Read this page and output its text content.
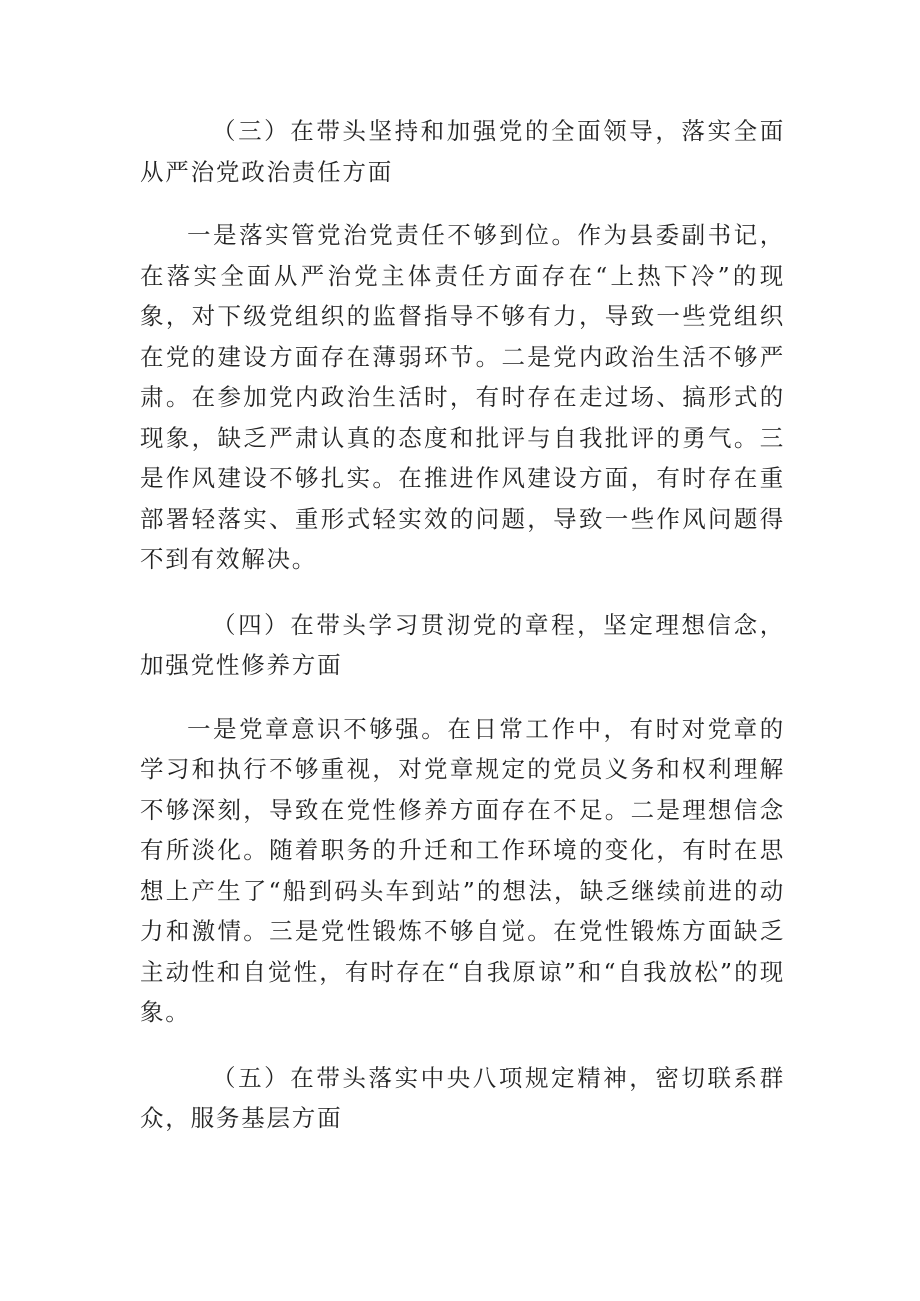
（三）在带头坚持和加强党的全面领导，落实全面从严治党政治责任方面

一是落实管党治党责任不够到位。作为县委副书记，在落实全面从严治党主体责任方面存在“上热下冷”的现象，对下级党组织的监督指导不够有力，导致一些党组织在党的建设方面存在薄弱环节。二是党内政治生活不够严肃。在参加党内政治生活时，有时存在走过场、搞形式的现象，缺乏严肃认真的态度和批评与自我批评的勇气。三是作风建设不够扎实。在推进作风建设方面，有时存在重部署轻落实、重形式轻实效的问题，导致一些作风问题得不到有效解决。

（四）在带头学习贯沏党的章程，坚定理想信念，加强党性修养方面

一是党章意识不够强。在日常工作中，有时对党章的学习和执行不够重视，对党章规定的党员义务和权利理解不够深刻，导致在党性修养方面存在不足。二是理想信念有所淡化。随着职务的升迁和工作环境的变化，有时在思想上产生了“船到码头车到站”的想法，缺乏继续前进的动力和激情。三是党性锻炼不够自觉。在党性锻炼方面缺乏主动性和自觉性，有时存在“自我原谅”和“自我放松”的现象。

（五）在带头落实中央八项规定精神，密切联系群众，服务基层方面
